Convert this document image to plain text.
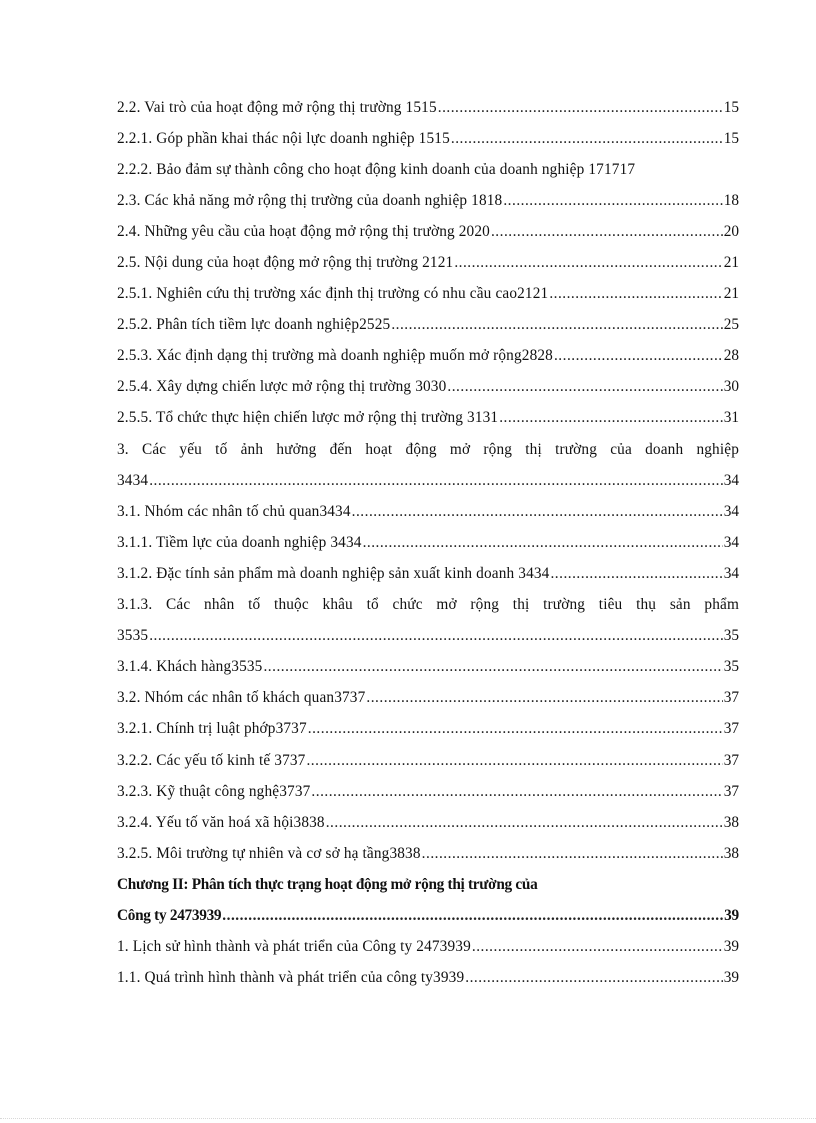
2.2. Vai trò của hoạt động mở rộng thị trường 1515 .....	15
2.2.1. Góp phần khai thác nội lực doanh nghiệp 1515 .....	15
2.2.2. Bảo đảm sự thành công cho hoạt động kinh doanh của doanh nghiệp 171717
2.3. Các khả năng mở rộng thị trường của doanh nghiệp 1818 .....	18
2.4. Những yêu cầu của hoạt động mở rộng thị trường 2020 .....	20
2.5. Nội dung của hoạt động mở rộng thị trường 2121 .....	21
2.5.1. Nghiên cứu thị trường xác định thị trường có nhu cầu cao2121 .....	21
2.5.2. Phân tích tiềm lực doanh nghiệp2525 .....	25
2.5.3. Xác định dạng thị trường mà doanh nghiệp muốn mở rộng2828 .....	28
2.5.4. Xây dựng chiến lược mở rộng thị trường 3030 .....	30
2.5.5. Tổ chức thực hiện chiến lược mở rộng thị trường 3131 .....	31
3. Các yếu tố ảnh hưởng đến hoạt động mở rộng thị trường của doanh nghiệp
3434 .....	34
3.1. Nhóm các nhân tố chủ quan3434 .....	34
3.1.1. Tiềm lực của doanh nghiệp 3434 .....	34
3.1.2. Đặc tính sản phẩm mà doanh nghiệp sản xuất kinh doanh 3434 .....	34
3.1.3. Các nhân tố thuộc khâu tổ chức mở rộng thị trường tiêu thụ sản phẩm
3535 .....	35
3.1.4. Khách hàng3535 .....	35
3.2. Nhóm các nhân tố khách quan3737 .....	37
3.2.1. Chính trị luật phớp3737 .....	37
3.2.2. Các yếu tố kinh tế 3737 .....	37
3.2.3. Kỹ thuật công nghệ3737 .....	37
3.2.4. Yếu tố văn hoá xã hội3838 .....	38
3.2.5. Môi trường tự nhiên và cơ sở hạ tầng3838 .....	38
Chương II: Phân tích thực trạng hoạt động mở rộng thị trường của
Công ty 2473939 .....	39
1. Lịch sử hình thành và phát triển của Công ty 2473939 .....	39
1.1. Quá trình hình thành và phát triển của công ty3939 .....	39
